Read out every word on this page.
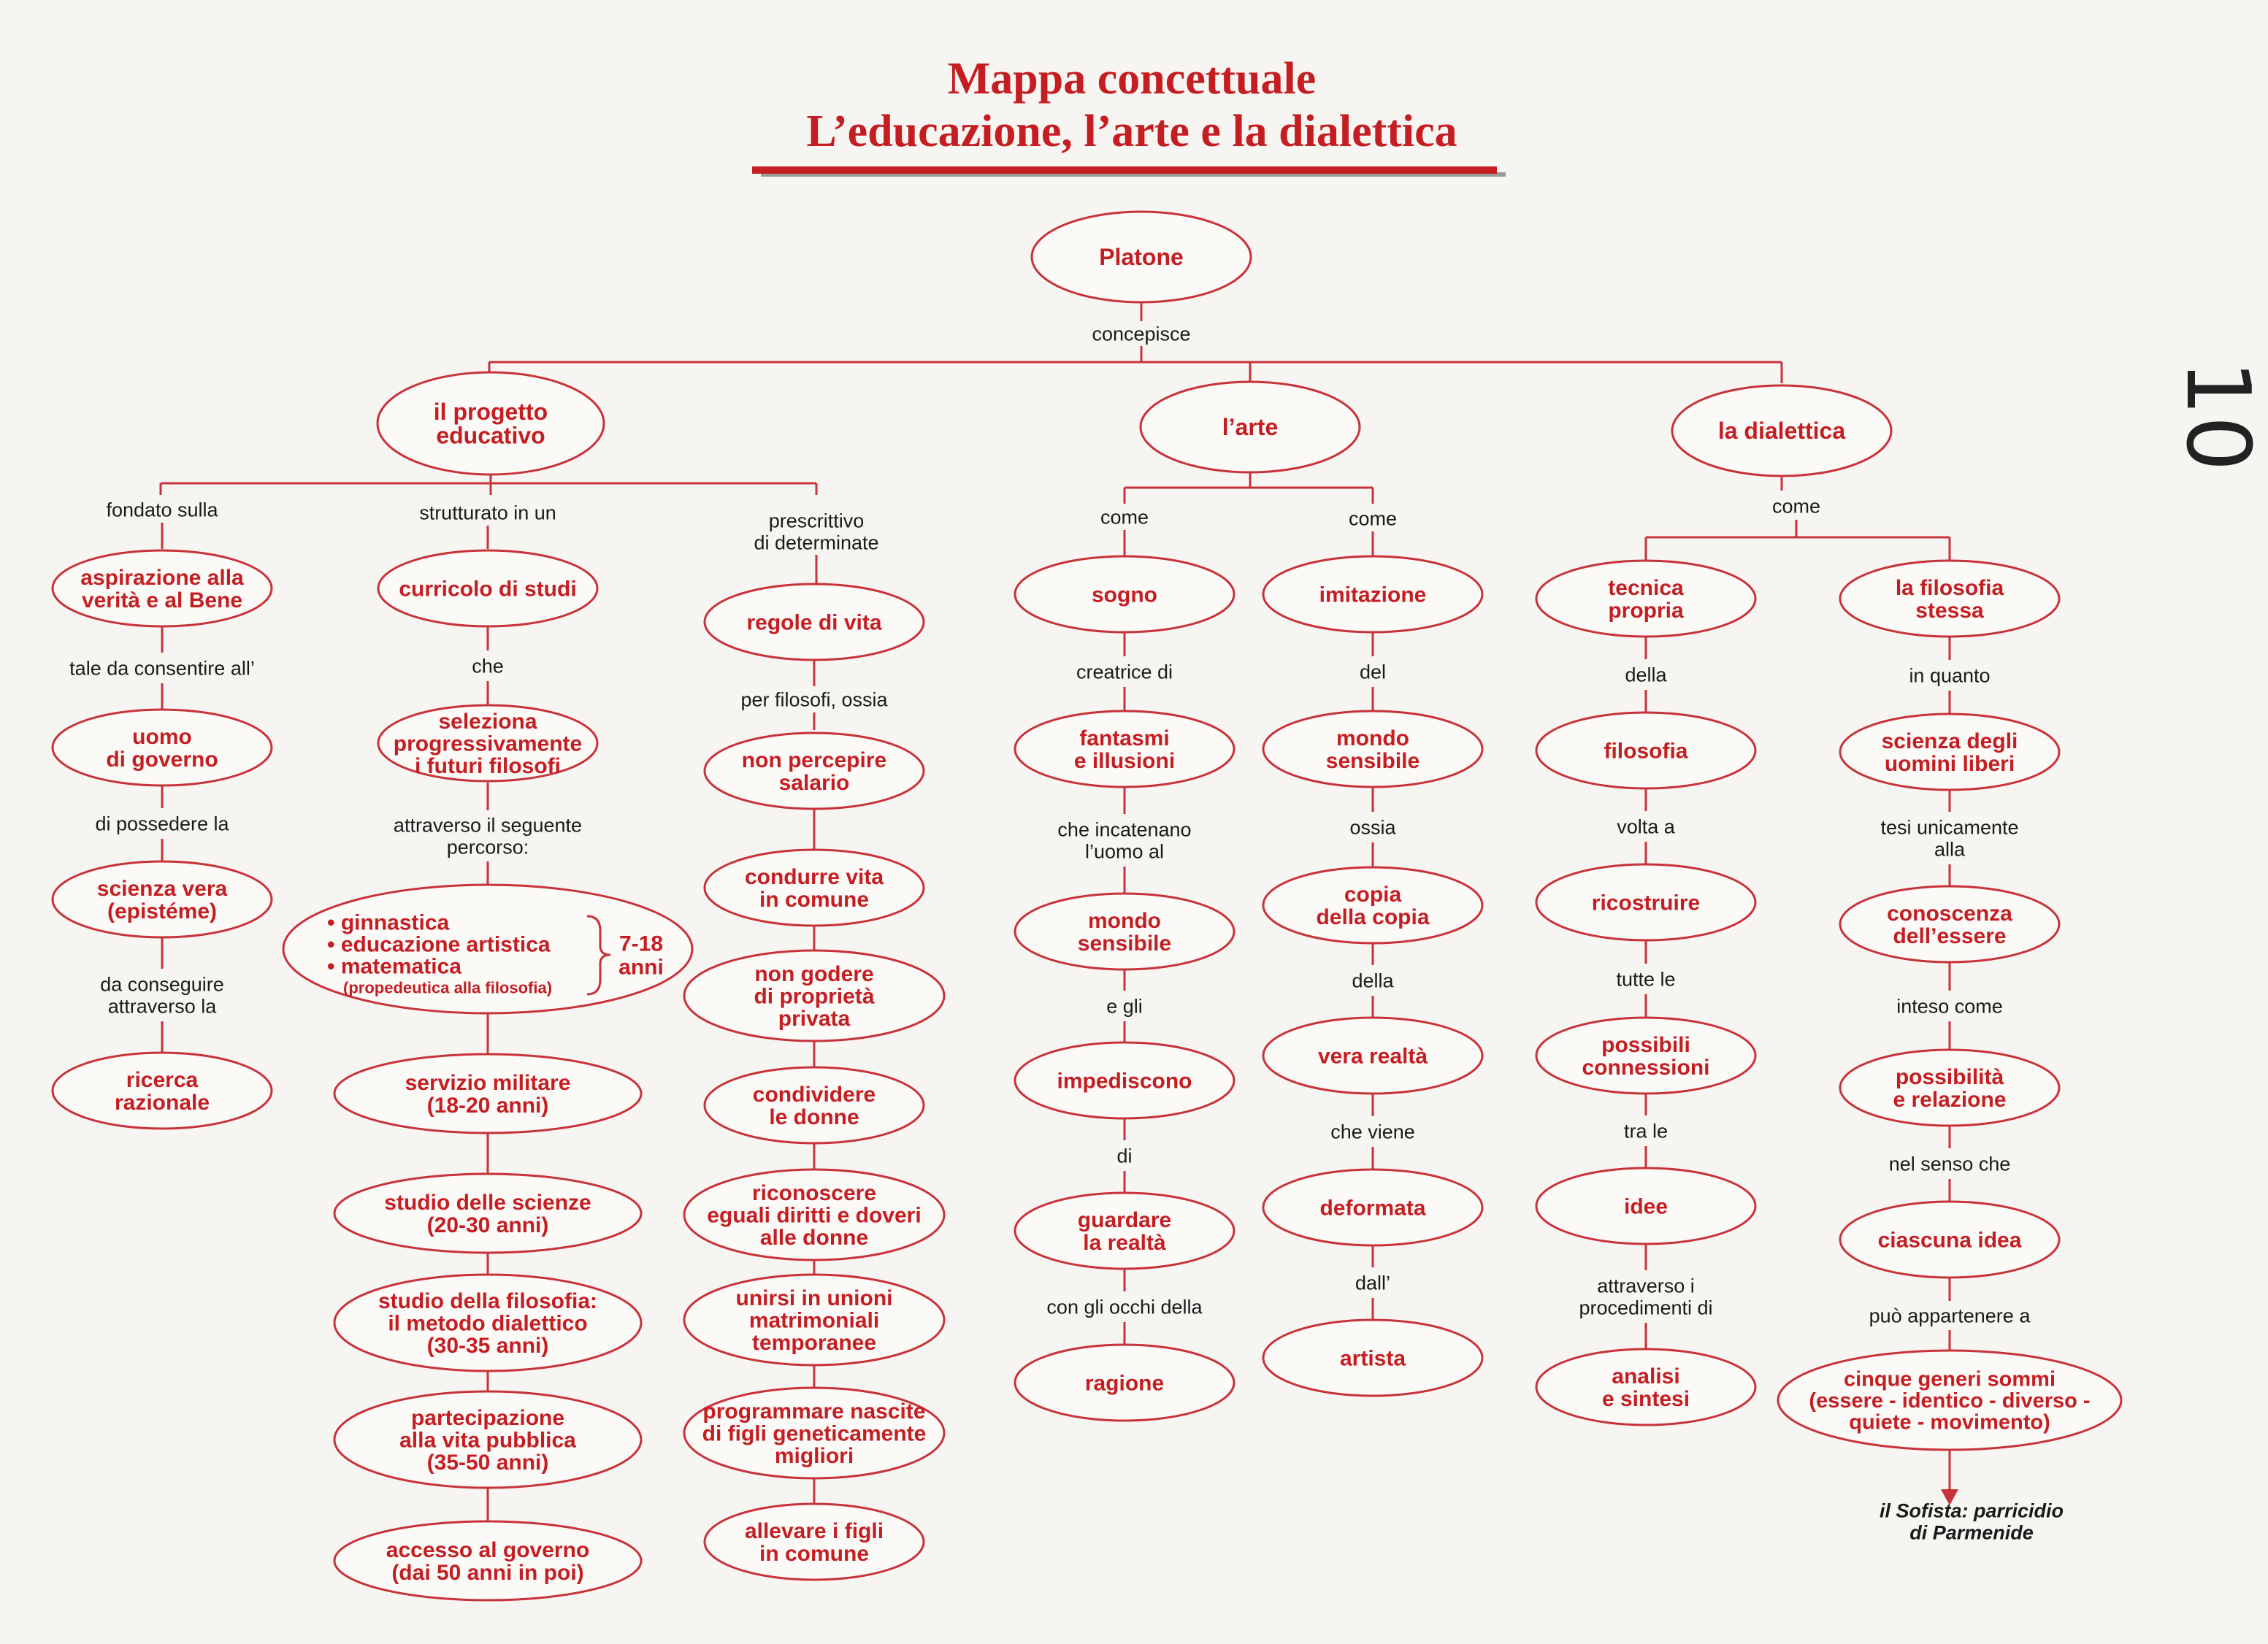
Mappa concettuale
L’educazione, l’arte e la dialettica
10
Platone
concepisce
il progetto educativo	l’arte	la dialettica
fondato sulla
aspirazione alla verità e al Bene
tale da consentire all’
uomo di governo
di possedere la
scienza vera (epistéme)
da conseguire attraverso la
ricerca razionale
strutturato in un
curricolo di studi
che
seleziona progressivamente i futuri filosofi
attraverso il seguente percorso:
• ginnastica
• educazione artistica
• matematica
(propedeutica alla filosofia)
7-18 anni
servizio militare (18-20 anni)
studio delle scienze (20-30 anni)
studio della filosofia: il metodo dialettico (30-35 anni)
partecipazione alla vita pubblica (35-50 anni)
accesso al governo (dai 50 anni in poi)
prescrittivo di determinate
regole di vita
per filosofi, ossia
non percepire salario
condurre vita in comune
non godere di proprietà privata
condividere le donne
riconoscere eguali diritti e doveri alle donne
unirsi in unioni matrimoniali temporanee
programmare nascite di figli geneticamente migliori
allevare i figli in comune
come
sogno
creatrice di
fantasmi e illusioni
che incatenano l’uomo al
mondo sensibile
e gli
impediscono
di
guardare la realtà
con gli occhi della
ragione
come
imitazione
del
mondo sensibile
ossia
copia della copia
della
vera realtà
che viene
deformata
dall’
artista
come
tecnica propria
della
filosofia
volta a
ricostruire
tutte le
possibili connessioni
tra le
idee
attraverso i procedimenti di
analisi e sintesi
la filosofia stessa
in quanto
scienza degli uomini liberi
tesi unicamente alla
conoscenza dell’essere
inteso come
possibilità e relazione
nel senso che
ciascuna idea
può appartenere a
cinque generi sommi (essere - identico - diverso -quiete - movimento)
il Sofista: parricidio di Parmenide
